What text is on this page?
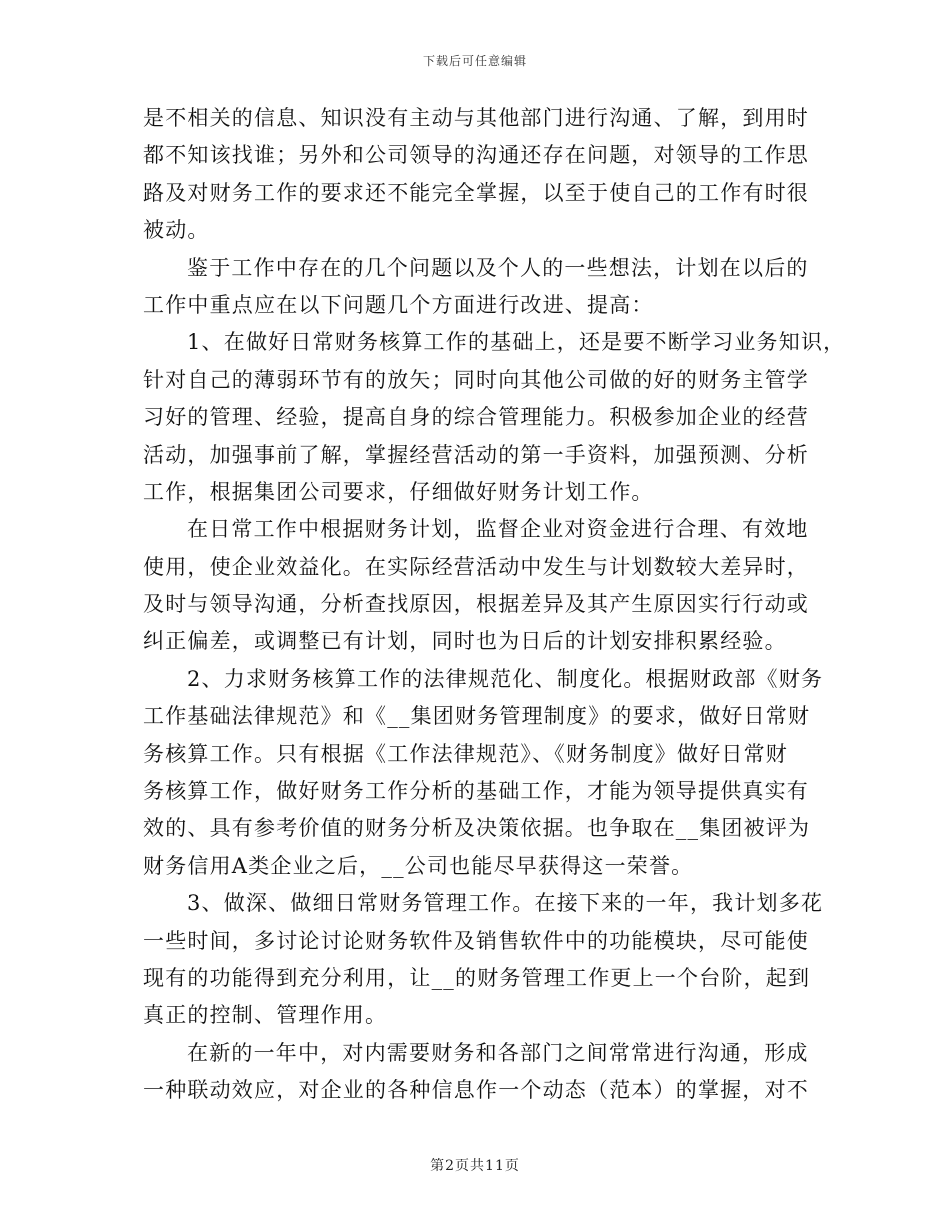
下载后可任意编辑
是不相关的信息、知识没有主动与其他部门进行沟通、了解，到用时
都不知该找谁；另外和公司领导的沟通还存在问题，对领导的工作思
路及对财务工作的要求还不能完全掌握，以至于使自己的工作有时很
被动。
鉴于工作中存在的几个问题以及个人的一些想法，计划在以后的
工作中重点应在以下问题几个方面进行改进、提高：
1、在做好日常财务核算工作的基础上，还是要不断学习业务知识，
针对自己的薄弱环节有的放矢；同时向其他公司做的好的财务主管学
习好的管理、经验，提高自身的综合管理能力。积极参加企业的经营
活动，加强事前了解，掌握经营活动的第一手资料，加强预测、分析
工作，根据集团公司要求，仔细做好财务计划工作。
在日常工作中根据财务计划，监督企业对资金进行合理、有效地
使用，使企业效益化。在实际经营活动中发生与计划数较大差异时，
及时与领导沟通，分析查找原因，根据差异及其产生原因实行行动或
纠正偏差，或调整已有计划，同时也为日后的计划安排积累经验。
2、力求财务核算工作的法律规范化、制度化。根据财政部《财务
工作基础法律规范》和《__集团财务管理制度》的要求，做好日常财
务核算工作。只有根据《工作法律规范》、《财务制度》做好日常财
务核算工作，做好财务工作分析的基础工作，才能为领导提供真实有
效的、具有参考价值的财务分析及决策依据。也争取在__集团被评为
财务信用A类企业之后，__公司也能尽早获得这一荣誉。
3、做深、做细日常财务管理工作。在接下来的一年，我计划多花
一些时间，多讨论讨论财务软件及销售软件中的功能模块，尽可能使
现有的功能得到充分利用，让__的财务管理工作更上一个台阶，起到
真正的控制、管理作用。
在新的一年中，对内需要财务和各部门之间常常进行沟通，形成
一种联动效应，对企业的各种信息作一个动态（范本）的掌握，对不
第2页共11页
